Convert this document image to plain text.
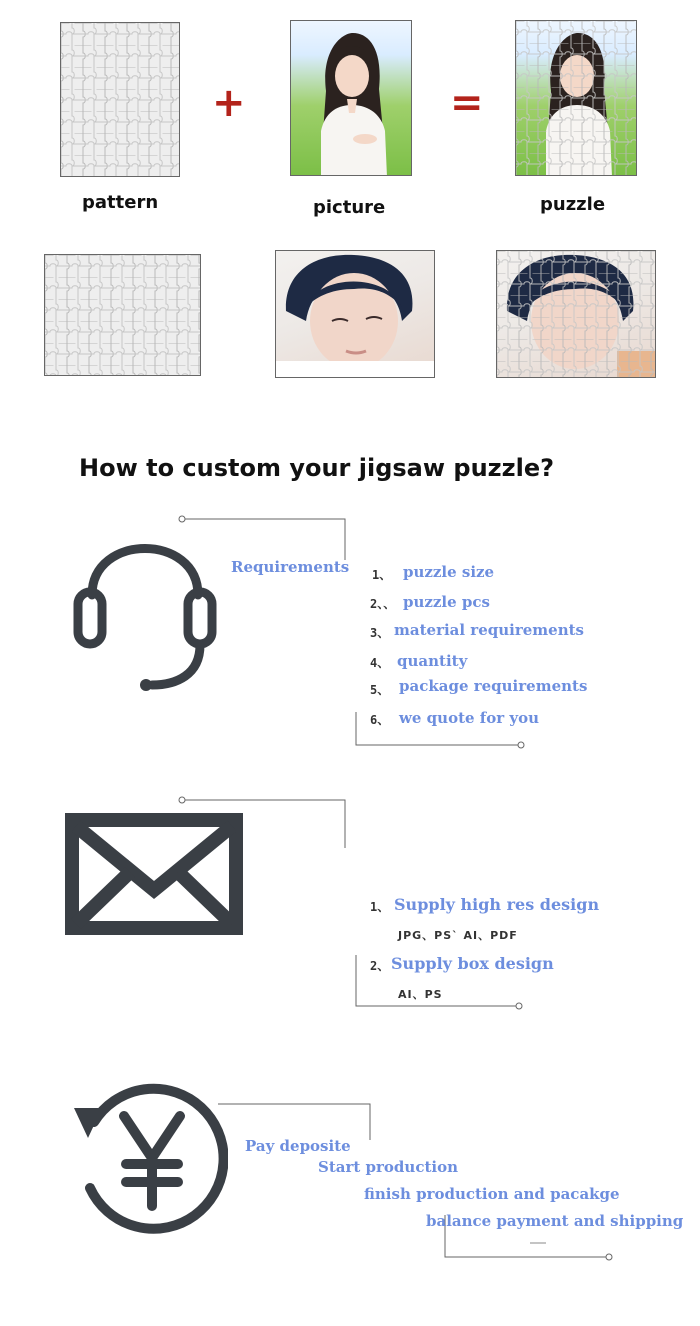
+	=
pattern	picture	puzzle
How to custom your jigsaw puzzle?
Requirements 1、 puzzle size
2、、 puzzle pcs
3、 material requirements
4、 quantity
5、 package requirements
6、 we quote for you
1、 Supply high res design
JPG、PS` AI、PDF
2、 Supply box design
AI、PS
Pay deposite
Start production
finish production and pacakge
balance payment and shipping
